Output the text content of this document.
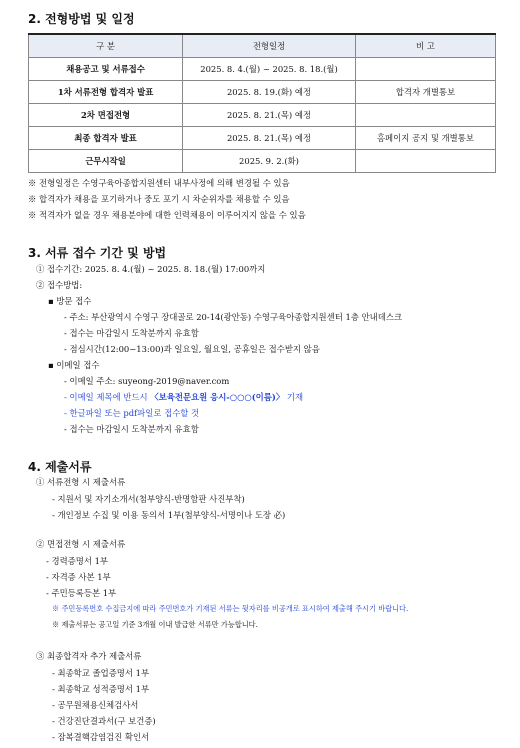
2. 전형방법 및 일정
구 분	전형일정	비 고
채용공고 및 서류접수	2025. 8. 4.(월) ~ 2025. 8. 18.(월)	
1차 서류전형 합격자 발표	2025. 8. 19.(화) 예정	합격자 개별통보
2차 면접전형	2025. 8. 21.(목) 예정	
최종 합격자 발표	2025. 8. 21.(목) 예정	홈페이지 공지 및 개별통보
근무시작일	2025. 9. 2.(화)	
※ 전형일정은 수영구육아종합지원센터 내부사정에 의해 변경될 수 있음
※ 합격자가 채용을 포기하거나 중도 포기 시 차순위자를 채용할 수 있음
※ 적격자가 없을 경우 채용분야에 대한 인력채용이 이루어지지 않을 수 있음
3. 서류 접수 기간 및 방법
① 접수기간: 2025. 8. 4.(월) ~ 2025. 8. 18.(월) 17:00까지
② 접수방법:
▪ 방문 접수
- 주소: 부산광역시 수영구 장대골로 20-14(광안동) 수영구육아종합지원센터 1층 안내데스크
- 접수는 마감일시 도착분까지 유효함
- 점심시간(12:00~13:00)과 일요일, 월요일, 공휴일은 접수받지 않음
▪ 이메일 접수
- 이메일 주소: suyeong-2019@naver.com
- 이메일 제목에 반드시 〈보육전문요원 응시-○○○(이름)〉 기재
- 한글파일 또는 pdf파일로 접수할 것
- 접수는 마감일시 도착분까지 유효함
4. 제출서류
① 서류전형 시 제출서류
- 지원서 및 자기소개서(첨부양식-반명함판 사진부착)
- 개인정보 수집 및 이용 동의서 1부(첨부양식-서명이나 도장 必)
② 면접전형 시 제출서류
- 경력증명서 1부
- 자격증 사본 1부
- 주민등록등본 1부
※ 주민등록번호 수집금지에 따라 주민번호가 기재된 서류는 뒷자리를 비공개로 표시하여 제출해 주시기 바랍니다.
※ 제출서류는 공고일 기준 3개월 이내 발급한 서류만 가능합니다.
③ 최종합격자 추가 제출서류
- 최종학교 졸업증명서 1부
- 최종학교 성적증명서 1부
- 공무원채용신체검사서
- 건강진단결과서(구 보건증)
- 잠복결핵감염검진 확인서
